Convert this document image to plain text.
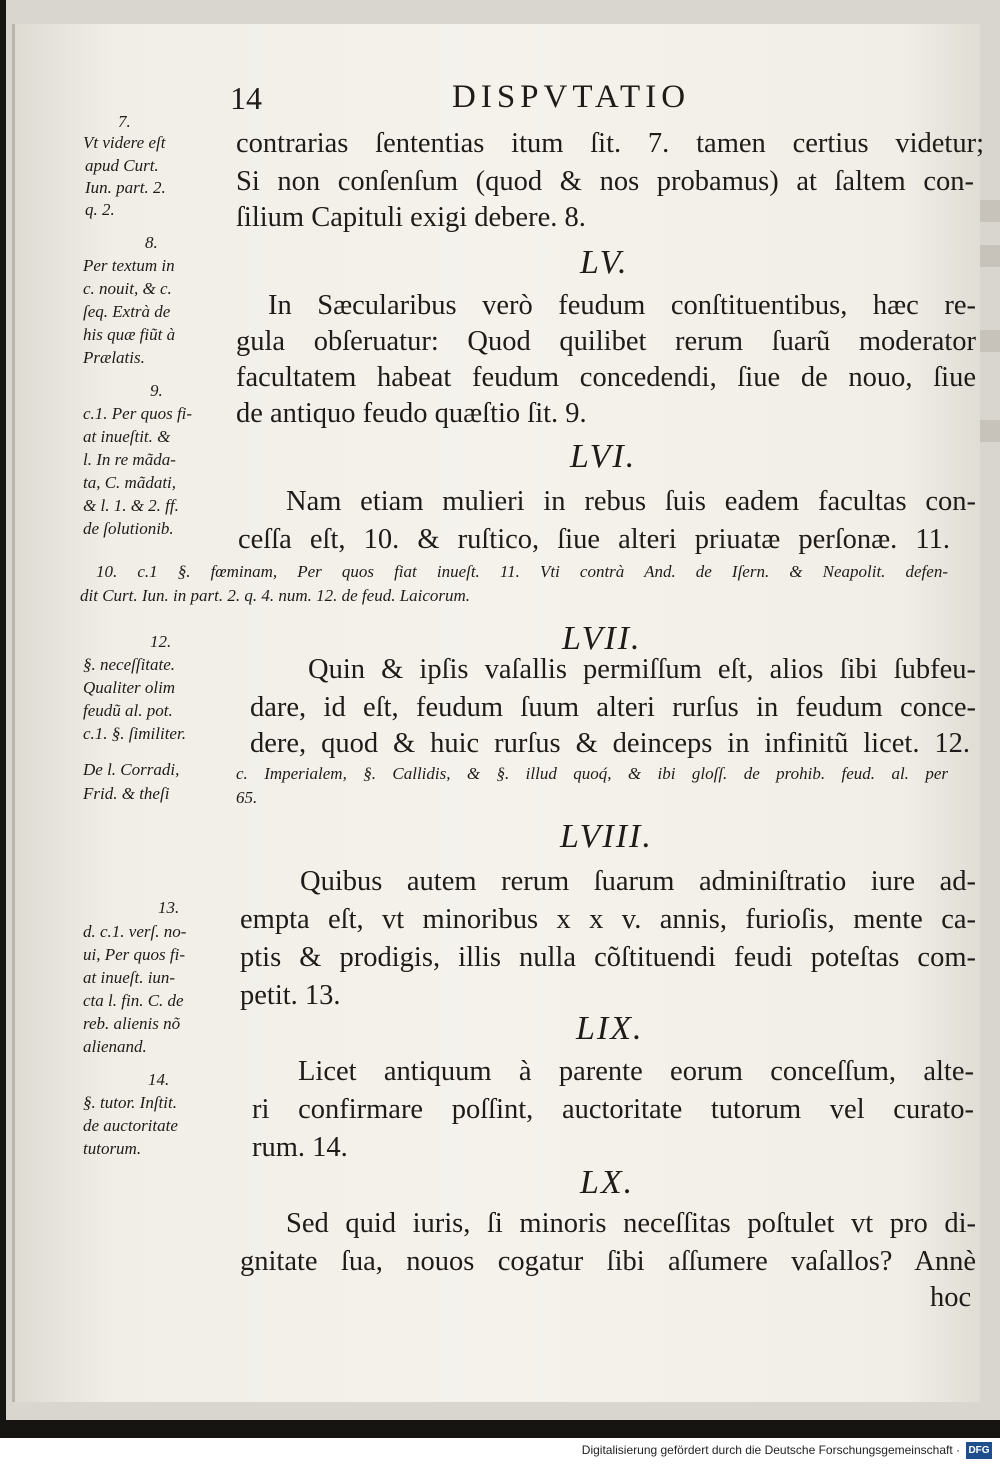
14	DISPVTATIO
contrarias ſententias itum ſit. 7. tamen certius videtur;
Si non conſenſum (quod & nos probamus) at ſaltem con-
ſilium Capituli exigi debere. 8.
LV.
In Sæcularibus verò feudum conſtituentibus, hæc re-
gula obſeruatur: Quod quilibet rerum ſuarũ moderator
facultatem habeat feudum concedendi, ſiue de nouo, ſiue
de antiquo feudo quæſtio ſit. 9.
LVI.
Nam etiam mulieri in rebus ſuis eadem facultas con-
ceſſa eſt, 10. & ruſtico, ſiue alteri priuatæ perſonæ. 11.
10. c.1 §. fœminam, Per quos fiat inueſt. 11. Vti contrà And. de Iſern. & Neapolit. defen-
dit Curt. Iun. in part. 2. q. 4. num. 12. de feud. Laicorum.
LVII.
Quin & ipſis vaſallis permiſſum eſt, alios ſibi ſubfeu-
dare, id eſt, feudum ſuum alteri rurſus in feudum conce-
dere, quod & huic rurſus & deinceps in infinitũ licet. 12.
c. Imperialem, §. Callidis, & §. illud quoq́, & ibi gloſſ. de prohib. feud. al. per
65.
LVIII.
Quibus autem rerum ſuarum adminiſtratio iure ad-
empta eſt, vt minoribus x x v. annis, furioſis, mente ca-
ptis & prodigis, illis nulla cõſtituendi feudi poteſtas com-
petit. 13.
LIX.
Licet antiquum à parente eorum conceſſum, alte-
ri confirmare poſſint, auctoritate tutorum vel curato-
rum. 14.
LX.
Sed quid iuris, ſi minoris neceſſitas poſtulet vt pro di-
gnitate ſua, nouos cogatur ſibi aſſumere vaſallos? Annè
hoc
7.
Vt videre eſt
apud Curt.
Iun. part. 2.
q. 2.
8.
Per textum in
c. nouit, & c.
ſeq. Extrà de
his quæ fiũt à
Prælatis.
9.
c.1. Per quos fi-
at inueſtit. &
l. In re mãda-
ta, C. mãdati,
& l. 1. & 2. ff.
de ſolutionib.
12.
§. neceſſitate.
Qualiter olim
feudũ al. pot.
c.1. §. ſimiliter.
De l. Corradi,
Frid. & theſi
13.
d. c.1. verſ. no-
ui, Per quos fi-
at inueſt. iun-
cta l. fin. C. de
reb. alienis nõ
alienand.
14.
§. tutor. Inſtit.
de auctoritate
tutorum.
Digitalisierung gefördert durch die Deutsche Forschungsgemeinschaft · DFG
